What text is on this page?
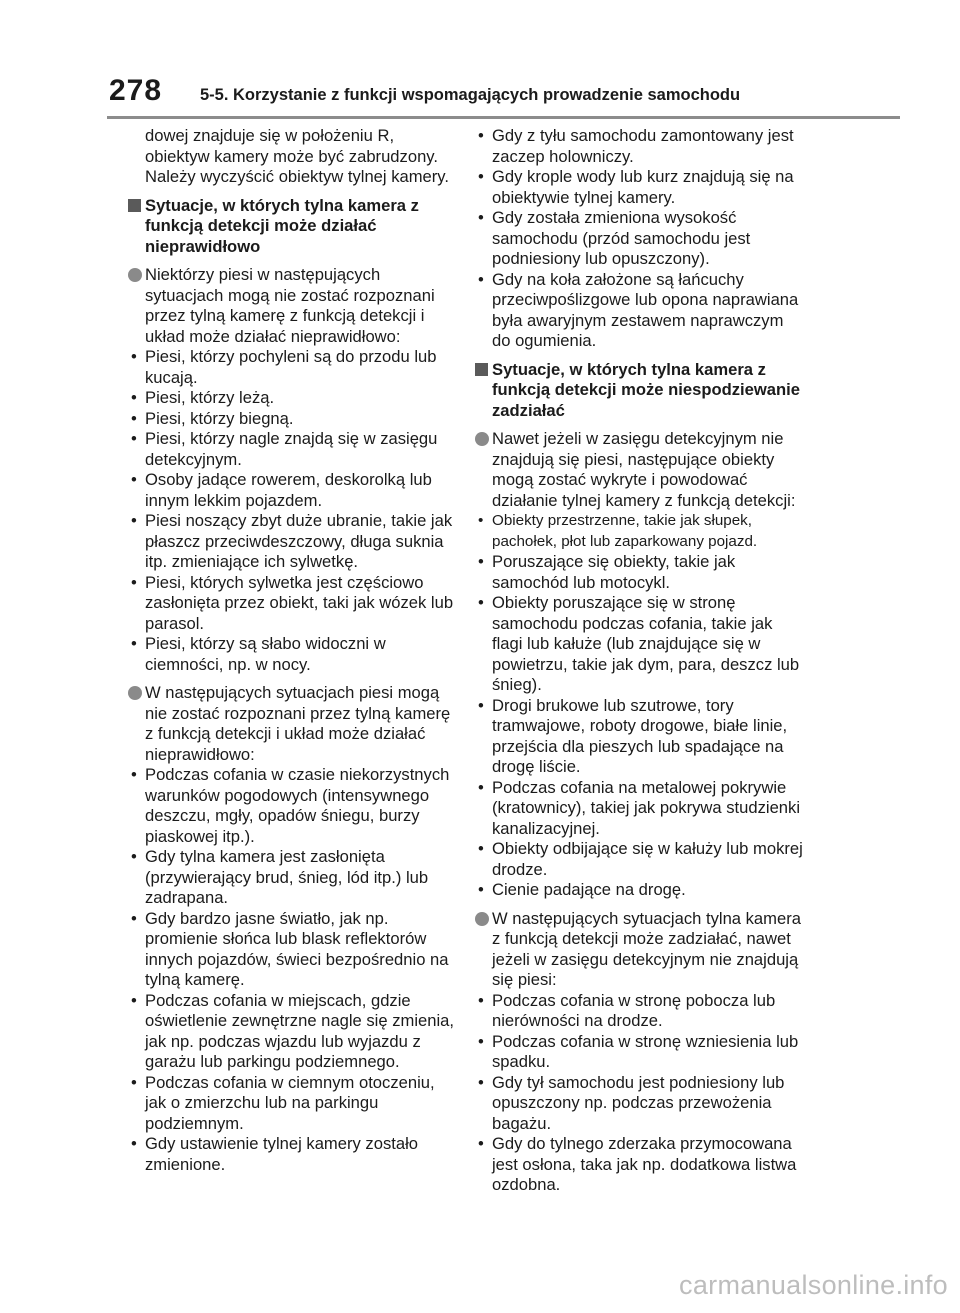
278 5-5. Korzystanie z funkcji wspomagających prowadzenie samochodu

dowej znajduje się w położeniu R, obiektyw kamery może być zabrudzony. Należy wyczyścić obiektyw tylnej kamery.

Sytuacje, w których tylna kamera z funkcją detekcji może działać nieprawidłowo

Niektórzy piesi w następujących sytuacjach mogą nie zostać rozpoznani przez tylną kamerę z funkcją detekcji i układ może działać nieprawidłowo:

• Piesi, którzy pochyleni są do przodu lub kucają.
• Piesi, którzy leżą.
• Piesi, którzy biegną.
• Piesi, którzy nagle znajdą się w zasięgu detekcyjnym.
• Osoby jadące rowerem, deskorolką lub innym lekkim pojazdem.
• Piesi noszący zbyt duże ubranie, takie jak płaszcz przeciwdeszczowy, długa suknia itp. zmieniające ich sylwetkę.
• Piesi, których sylwetka jest częściowo zasłonięta przez obiekt, taki jak wózek lub parasol.
• Piesi, którzy są słabo widoczni w ciemności, np. w nocy.

W następujących sytuacjach piesi mogą nie zostać rozpoznani przez tylną kamerę z funkcją detekcji i układ może działać nieprawidłowo:

• Podczas cofania w czasie niekorzystnych warunków pogodowych (intensywnego deszczu, mgły, opadów śniegu, burzy piaskowej itp.).
• Gdy tylna kamera jest zasłonięta (przywierający brud, śnieg, lód itp.) lub zadrapana.
• Gdy bardzo jasne światło, jak np. promienie słońca lub blask reflektorów innych pojazdów, świeci bezpośrednio na tylną kamerę.
• Podczas cofania w miejscach, gdzie oświetlenie zewnętrzne nagle się zmienia, jak np. podczas wjazdu lub wyjazdu z garażu lub parkingu podziemnego.
• Podczas cofania w ciemnym otoczeniu, jak o zmierzchu lub na parkingu podziemnym.
• Gdy ustawienie tylnej kamery zostało zmienione.
• Gdy z tyłu samochodu zamontowany jest zaczep holowniczy.
• Gdy krople wody lub kurz znajdują się na obiektywie tylnej kamery.
• Gdy została zmieniona wysokość samochodu (przód samochodu jest podniesiony lub opuszczony).
• Gdy na koła założone są łańcuchy przeciwpoślizgowe lub opona naprawiana była awaryjnym zestawem naprawczym do ogumienia.

Sytuacje, w których tylna kamera z funkcją detekcji może niespodziewanie zadziałać

Nawet jeżeli w zasięgu detekcyjnym nie znajdują się piesi, następujące obiekty mogą zostać wykryte i powodować działanie tylnej kamery z funkcją detekcji:

• Obiekty przestrzenne, takie jak słupek, pachołek, płot lub zaparkowany pojazd.
• Poruszające się obiekty, takie jak samochód lub motocykl.
• Obiekty poruszające się w stronę samochodu podczas cofania, takie jak flagi lub kałuże (lub znajdujące się w powietrzu, takie jak dym, para, deszcz lub śnieg).
• Drogi brukowe lub szutrowe, tory tramwajowe, roboty drogowe, białe linie, przejścia dla pieszych lub spadające na drogę liście.
• Podczas cofania na metalowej pokrywie (kratownicy), takiej jak pokrywa studzienki kanalizacyjnej.
• Obiekty odbijające się w kałuży lub mokrej drodze.
• Cienie padające na drogę.

W następujących sytuacjach tylna kamera z funkcją detekcji może zadziałać, nawet jeżeli w zasięgu detekcyjnym nie znajdują się piesi:

• Podczas cofania w stronę pobocza lub nierówności na drodze.
• Podczas cofania w stronę wzniesienia lub spadku.
• Gdy tył samochodu jest podniesiony lub opuszczony np. podczas przewożenia bagażu.
• Gdy do tylnego zderzaka przymocowana jest osłona, taka jak np. dodatkowa listwa ozdobna.
carmanualsonline.info
